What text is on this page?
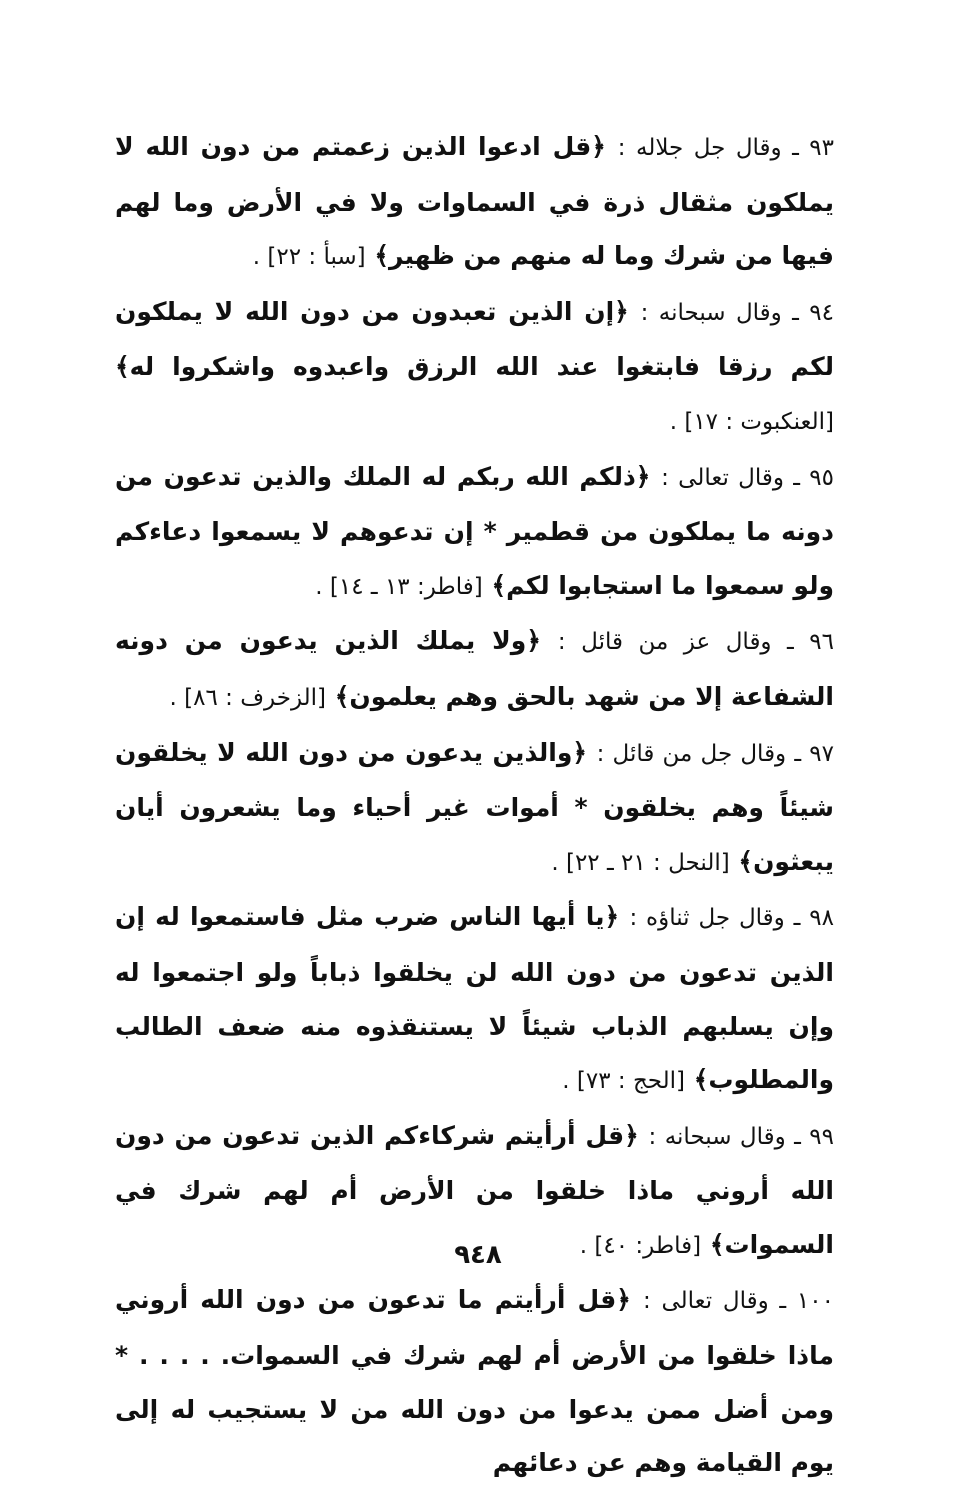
٩٣ ـ وقال جل جلاله : ﴿قل ادعوا الذين زعمتم من دون الله لا يملكون مثقال ذرة في السماوات ولا في الأرض وما لهم فيها من شرك وما له منهم من ظهير﴾ [سبأ : ٢٢] .

٩٤ ـ وقال سبحانه : ﴿إن الذين تعبدون من دون الله لا يملكون لكم رزقا فابتغوا عند الله الرزق واعبدوه واشكروا له﴾ [العنكبوت : ١٧] .

٩٥ ـ وقال تعالى : ﴿ذلكم الله ربكم له الملك والذين تدعون من دونه ما يملكون من قطمير * إن تدعوهم لا يسمعوا دعاءكم ولو سمعوا ما استجابوا لكم﴾ [فاطر: ١٣ ـ ١٤] .

٩٦ ـ وقال عز من قائل : ﴿ولا يملك الذين يدعون من دونه الشفاعة إلا من شهد بالحق وهم يعلمون﴾ [الزخرف : ٨٦] .

٩٧ ـ وقال جل من قائل : ﴿والذين يدعون من دون الله لا يخلقون شيئاً وهم يخلقون * أموات غير أحياء وما يشعرون أيان يبعثون﴾ [النحل : ٢١ ـ ٢٢] .

٩٨ ـ وقال جل ثناؤه : ﴿يا أيها الناس ضرب مثل فاستمعوا له إن الذين تدعون من دون الله لن يخلقوا ذباباً ولو اجتمعوا له وإن يسلبهم الذباب شيئاً لا يستنقذوه منه ضعف الطالب والمطلوب﴾ [الحج : ٧٣] .

٩٩ ـ وقال سبحانه : ﴿قل أرأيتم شركاءكم الذين تدعون من دون الله أروني ماذا خلقوا من الأرض أم لهم شرك في السموات﴾ [فاطر: ٤٠] .

١٠٠ ـ وقال تعالى : ﴿قل أرأيتم ما تدعون من دون الله أروني ماذا خلقوا من الأرض أم لهم شرك في السموات. . . . . * ومن أضل ممن يدعوا من دون الله من لا يستجيب له إلى يوم القيامة وهم عن دعائهم

٩٤٨
